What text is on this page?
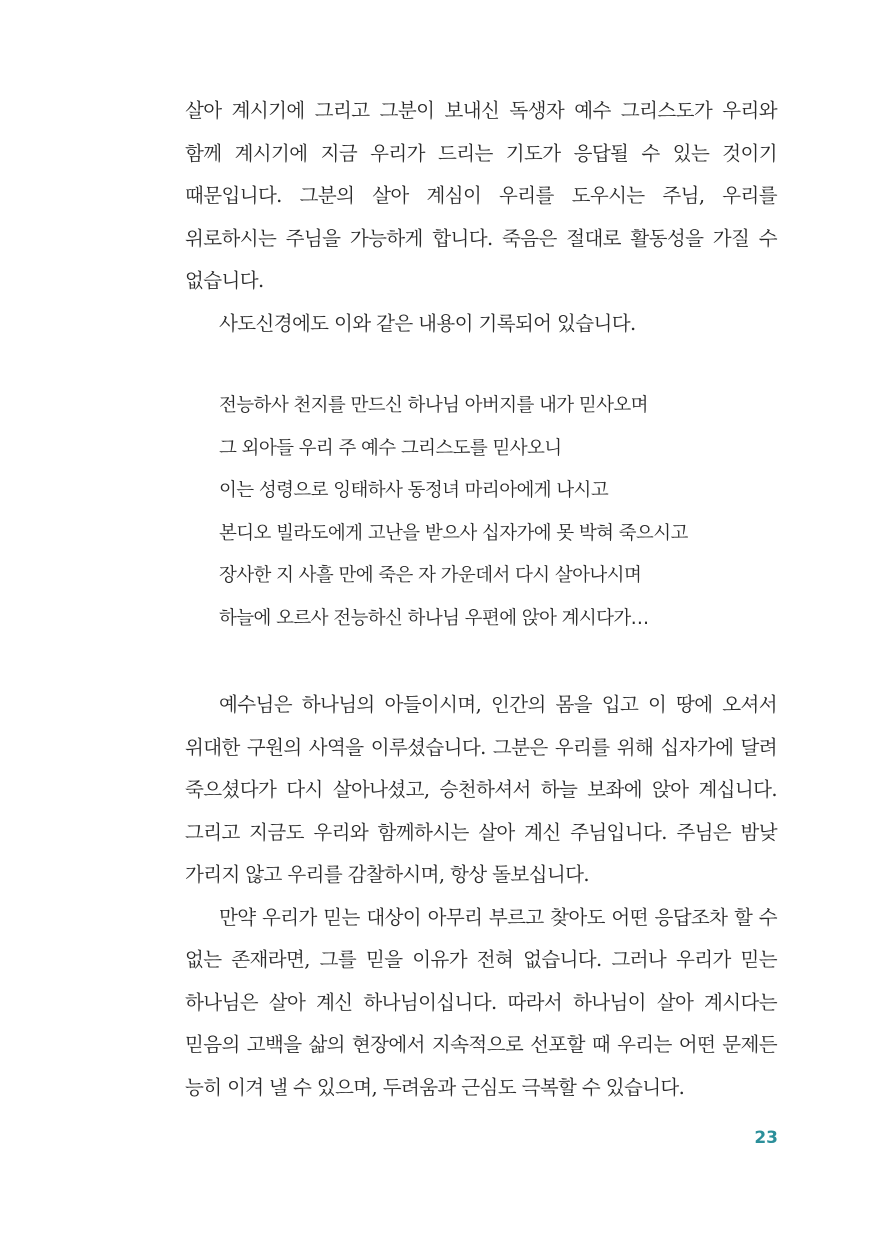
살아 계시기에 그리고 그분이 보내신 독생자 예수 그리스도가 우리와 함께 계시기에 지금 우리가 드리는 기도가 응답될 수 있는 것이기 때문입니다. 그분의 살아 계심이 우리를 도우시는 주님, 우리를 위로하시는 주님을 가능하게 합니다. 죽음은 절대로 활동성을 가질 수 없습니다.

사도신경에도 이와 같은 내용이 기록되어 있습니다.

전능하사 천지를 만드신 하나님 아버지를 내가 믿사오며
그 외아들 우리 주 예수 그리스도를 믿사오니
이는 성령으로 잉태하사 동정녀 마리아에게 나시고
본디오 빌라도에게 고난을 받으사 십자가에 못 박혀 죽으시고
장사한 지 사흘 만에 죽은 자 가운데서 다시 살아나시며
하늘에 오르사 전능하신 하나님 우편에 앉아 계시다가…

예수님은 하나님의 아들이시며, 인간의 몸을 입고 이 땅에 오셔서 위대한 구원의 사역을 이루셨습니다. 그분은 우리를 위해 십자가에 달려 죽으셨다가 다시 살아나셨고, 승천하셔서 하늘 보좌에 앉아 계십니다. 그리고 지금도 우리와 함께하시는 살아 계신 주님입니다. 주님은 밤낮 가리지 않고 우리를 감찰하시며, 항상 돌보십니다.

만약 우리가 믿는 대상이 아무리 부르고 찾아도 어떤 응답조차 할 수 없는 존재라면, 그를 믿을 이유가 전혀 없습니다. 그러나 우리가 믿는 하나님은 살아 계신 하나님이십니다. 따라서 하나님이 살아 계시다는 믿음의 고백을 삶의 현장에서 지속적으로 선포할 때 우리는 어떤 문제든 능히 이겨 낼 수 있으며, 두려움과 근심도 극복할 수 있습니다.

23
